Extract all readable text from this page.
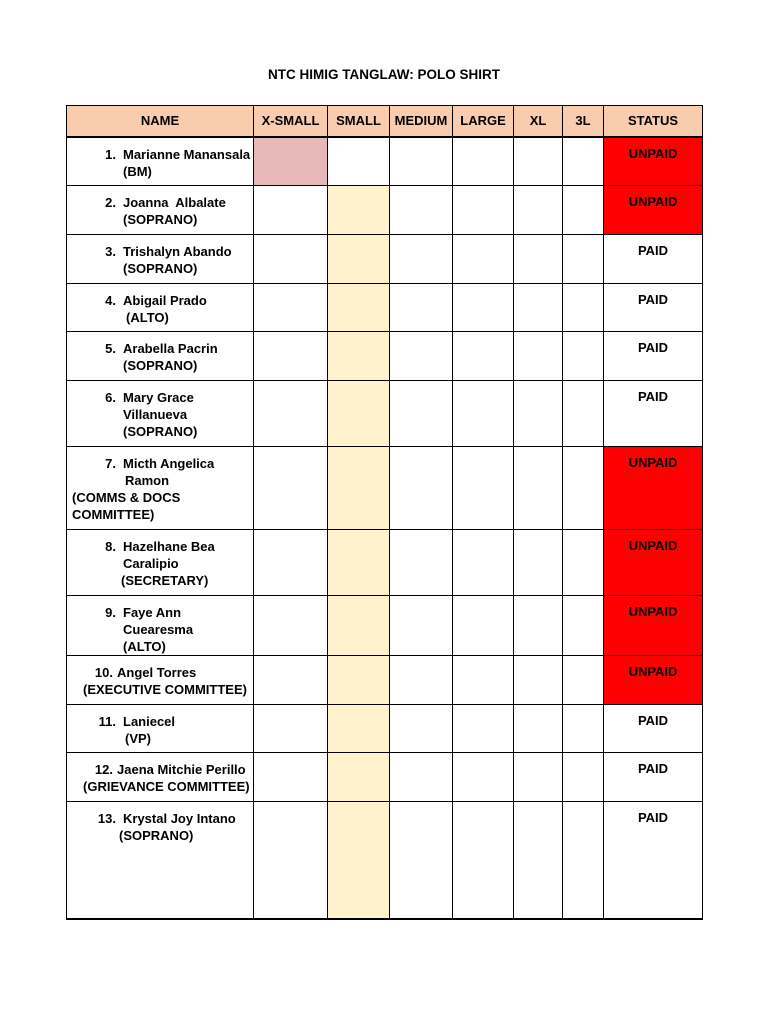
NTC HIMIG TANGLAW: POLO SHIRT
NAME	X-SMALL	SMALL	MEDIUM	LARGE	XL	3L	STATUS

1. Marianne Manansala
(BM)							UNPAID

2. Joanna  Albalate
(SOPRANO)							UNPAID

3. Trishalyn Abando
(SOPRANO)							PAID

4. Abigail Prado
(ALTO)							PAID

5. Arabella Pacrin
(SOPRANO)							PAID

6. Mary Grace
Villanueva
(SOPRANO)							PAID

7. Micth Angelica
Ramon
(COMMS & DOCS
COMMITTEE)							UNPAID

8. Hazelhane Bea
Caralipio
(SECRETARY)							UNPAID

9. Faye Ann Cuearesma
(ALTO)							UNPAID

10. Angel Torres
(EXECUTIVE COMMITTEE)							UNPAID

11. Laniecel
(VP)							PAID

12. Jaena Mitchie Perillo
(GRIEVANCE COMMITTEE)							PAID

13. Krystal Joy Intano
(SOPRANO)							PAID
